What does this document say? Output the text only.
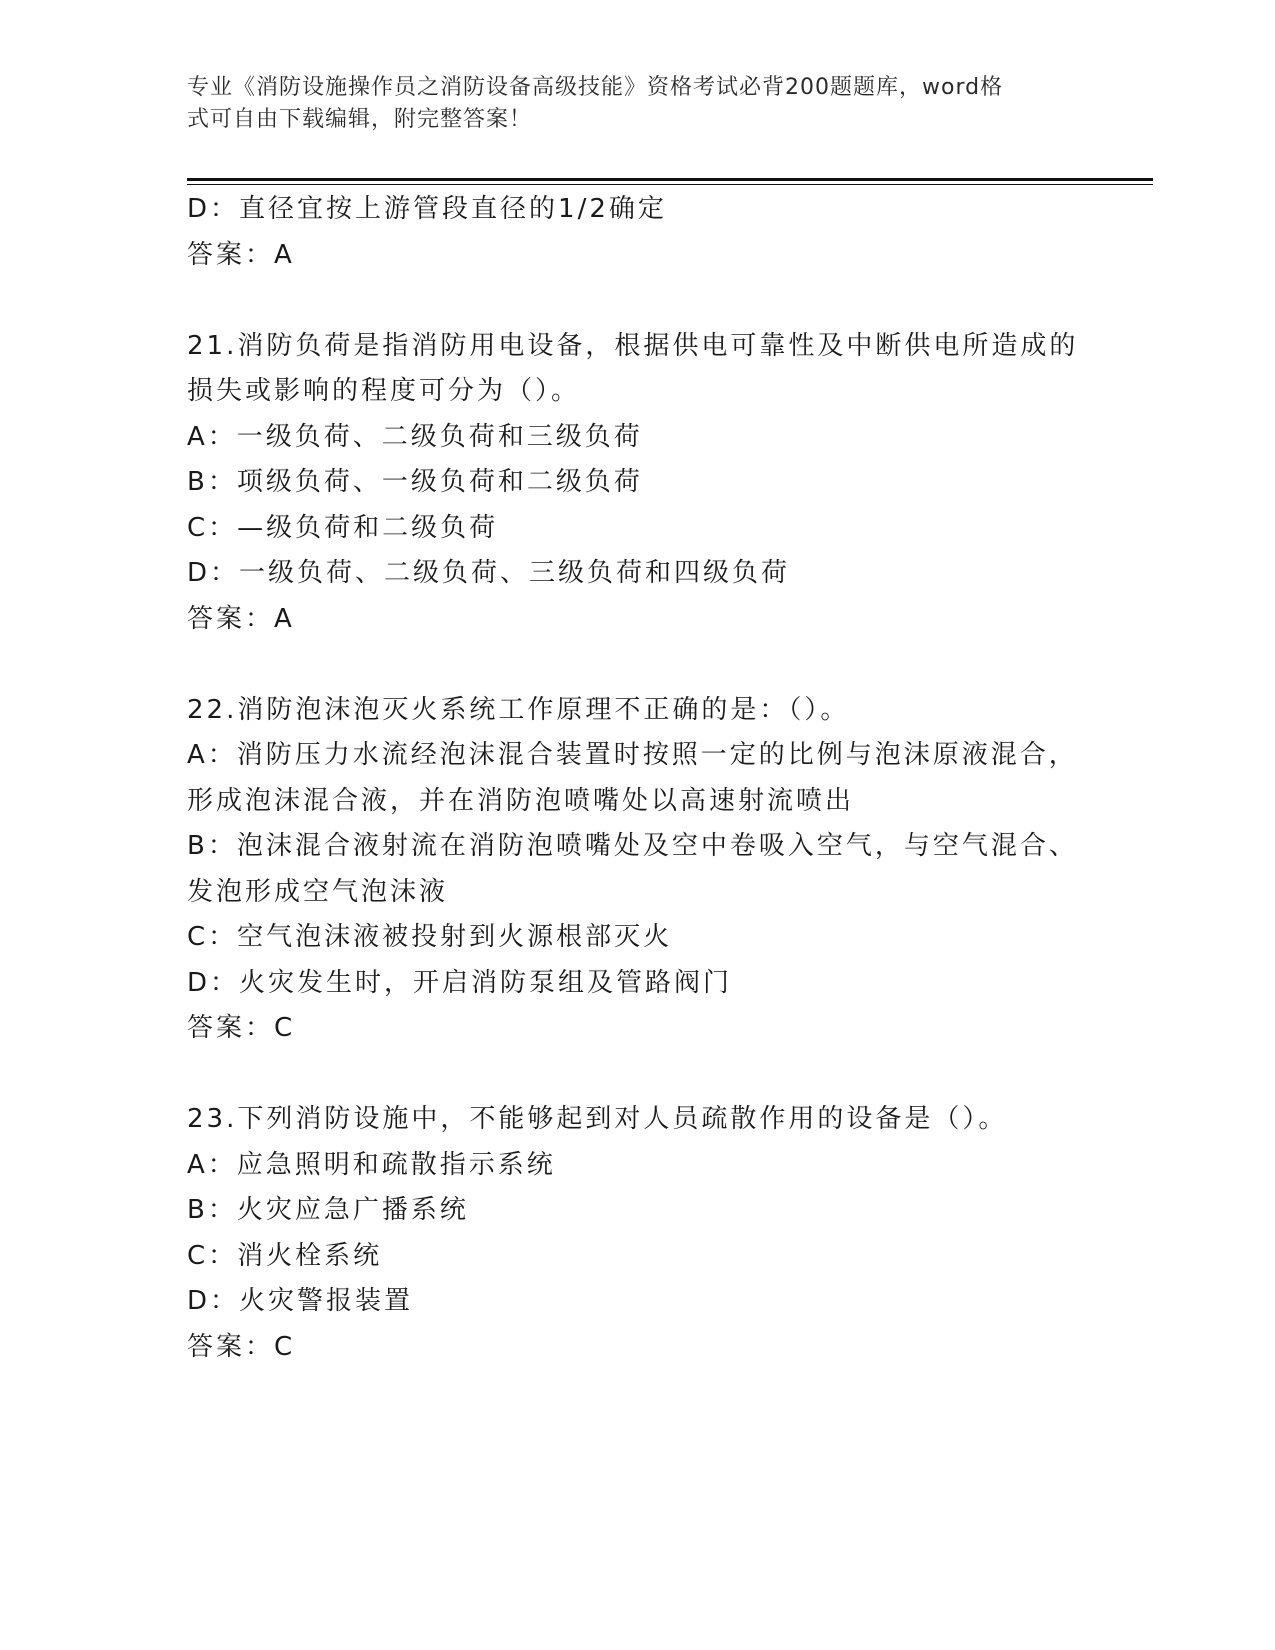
专业《消防设施操作员之消防设备高级技能》资格考试必背200题题库，word格
式可自由下载编辑，附完整答案！
D：直径宜按上游管段直径的1/2确定
答案：A
21.消防负荷是指消防用电设备，根据供电可靠性及中断供电所造成的
损失或影响的程度可分为（）。
A：一级负荷、二级负荷和三级负荷
B：项级负荷、一级负荷和二级负荷
C：—级负荷和二级负荷
D：一级负荷、二级负荷、三级负荷和四级负荷
答案：A
22.消防泡沫泡灭火系统工作原理不正确的是：（）。
A：消防压力水流经泡沫混合装置时按照一定的比例与泡沫原液混合，
形成泡沫混合液，并在消防泡喷嘴处以高速射流喷出
B：泡沫混合液射流在消防泡喷嘴处及空中卷吸入空气，与空气混合、
发泡形成空气泡沫液
C：空气泡沫液被投射到火源根部灭火
D：火灾发生时，开启消防泵组及管路阀门
答案：C
23.下列消防设施中，不能够起到对人员疏散作用的设备是（）。
A：应急照明和疏散指示系统
B：火灾应急广播系统
C：消火栓系统
D：火灾警报装置
答案：C
